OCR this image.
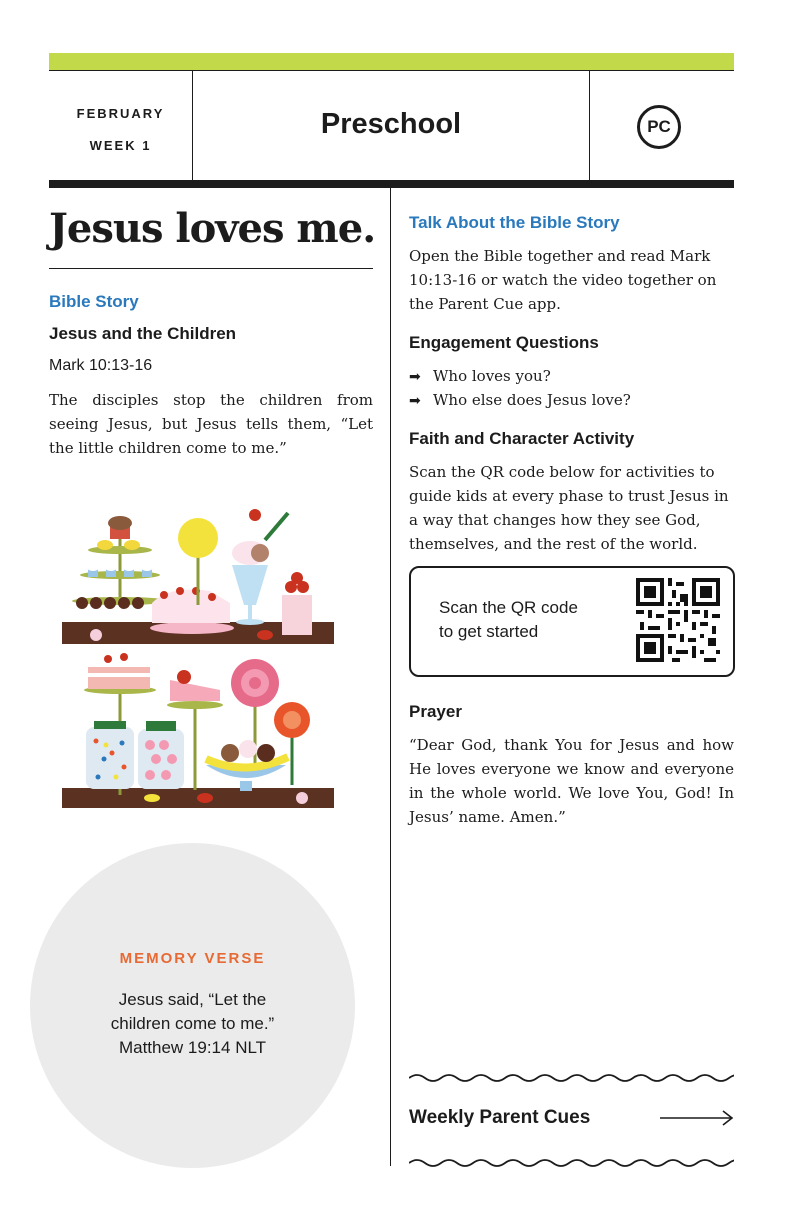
FEBRUARY
WEEK 1
Preschool	PC
Jesus loves me.
Bible Story
Jesus and the Children
Mark 10:13-16
The disciples stop the children from seeing Jesus, but Jesus tells them, “Let the little children come to me.”
MEMORY VERSE
Jesus said, “Let the
children come to me.”
Matthew 19:14 NLT
Talk About the Bible Story
Open the Bible together and read Mark 10:13-16 or watch the video together on the Parent Cue app.
Engagement Questions
➡ Who loves you?
➡ Who else does Jesus love?
Faith and Character Activity
Scan the QR code below for activities to guide kids at every phase to trust Jesus in a way that changes how they see God, themselves, and the rest of the world.
Scan the QR code
to get started
Prayer
“Dear God, thank You for Jesus and how He loves everyone we know and everyone in the whole world. We love You, God! In Jesus’ name. Amen.”
Weekly Parent Cues
